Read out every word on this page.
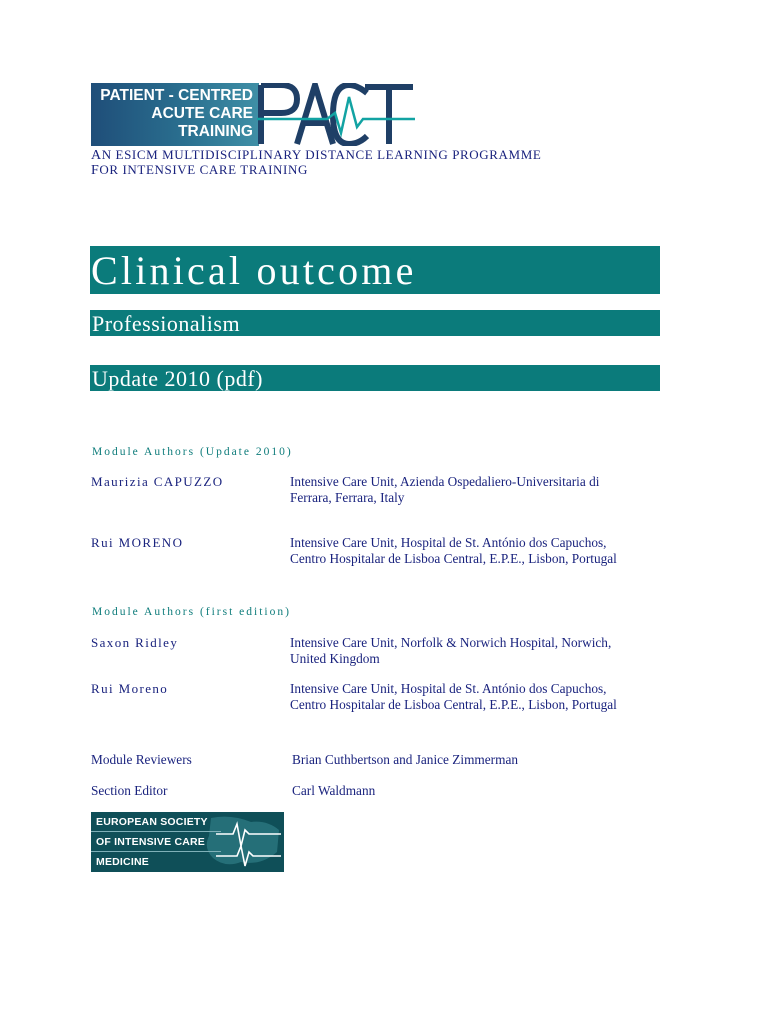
PATIENT - CENTRED
ACUTE CARE
TRAINING
AN ESICM MULTIDISCIPLINARY DISTANCE LEARNING PROGRAMME
FOR INTENSIVE CARE TRAINING
Clinical outcome
Professionalism
Update 2010 (pdf)
Module Authors (Update 2010)
Maurizia CAPUZZO	Intensive Care Unit, Azienda Ospedaliero-Universitaria di
Ferrara, Ferrara, Italy
Rui MORENO	Intensive Care Unit, Hospital de St. António dos Capuchos,
Centro Hospitalar de Lisboa Central, E.P.E., Lisbon, Portugal
Module Authors (first edition)
Saxon Ridley	Intensive Care Unit, Norfolk & Norwich Hospital, Norwich,
United Kingdom
Rui Moreno	Intensive Care Unit, Hospital de St. António dos Capuchos,
Centro Hospitalar de Lisboa Central, E.P.E., Lisbon, Portugal
Module Reviewers	Brian Cuthbertson and Janice Zimmerman
Section Editor	Carl Waldmann
EUROPEAN SOCIETY
OF INTENSIVE CARE
MEDICINE
